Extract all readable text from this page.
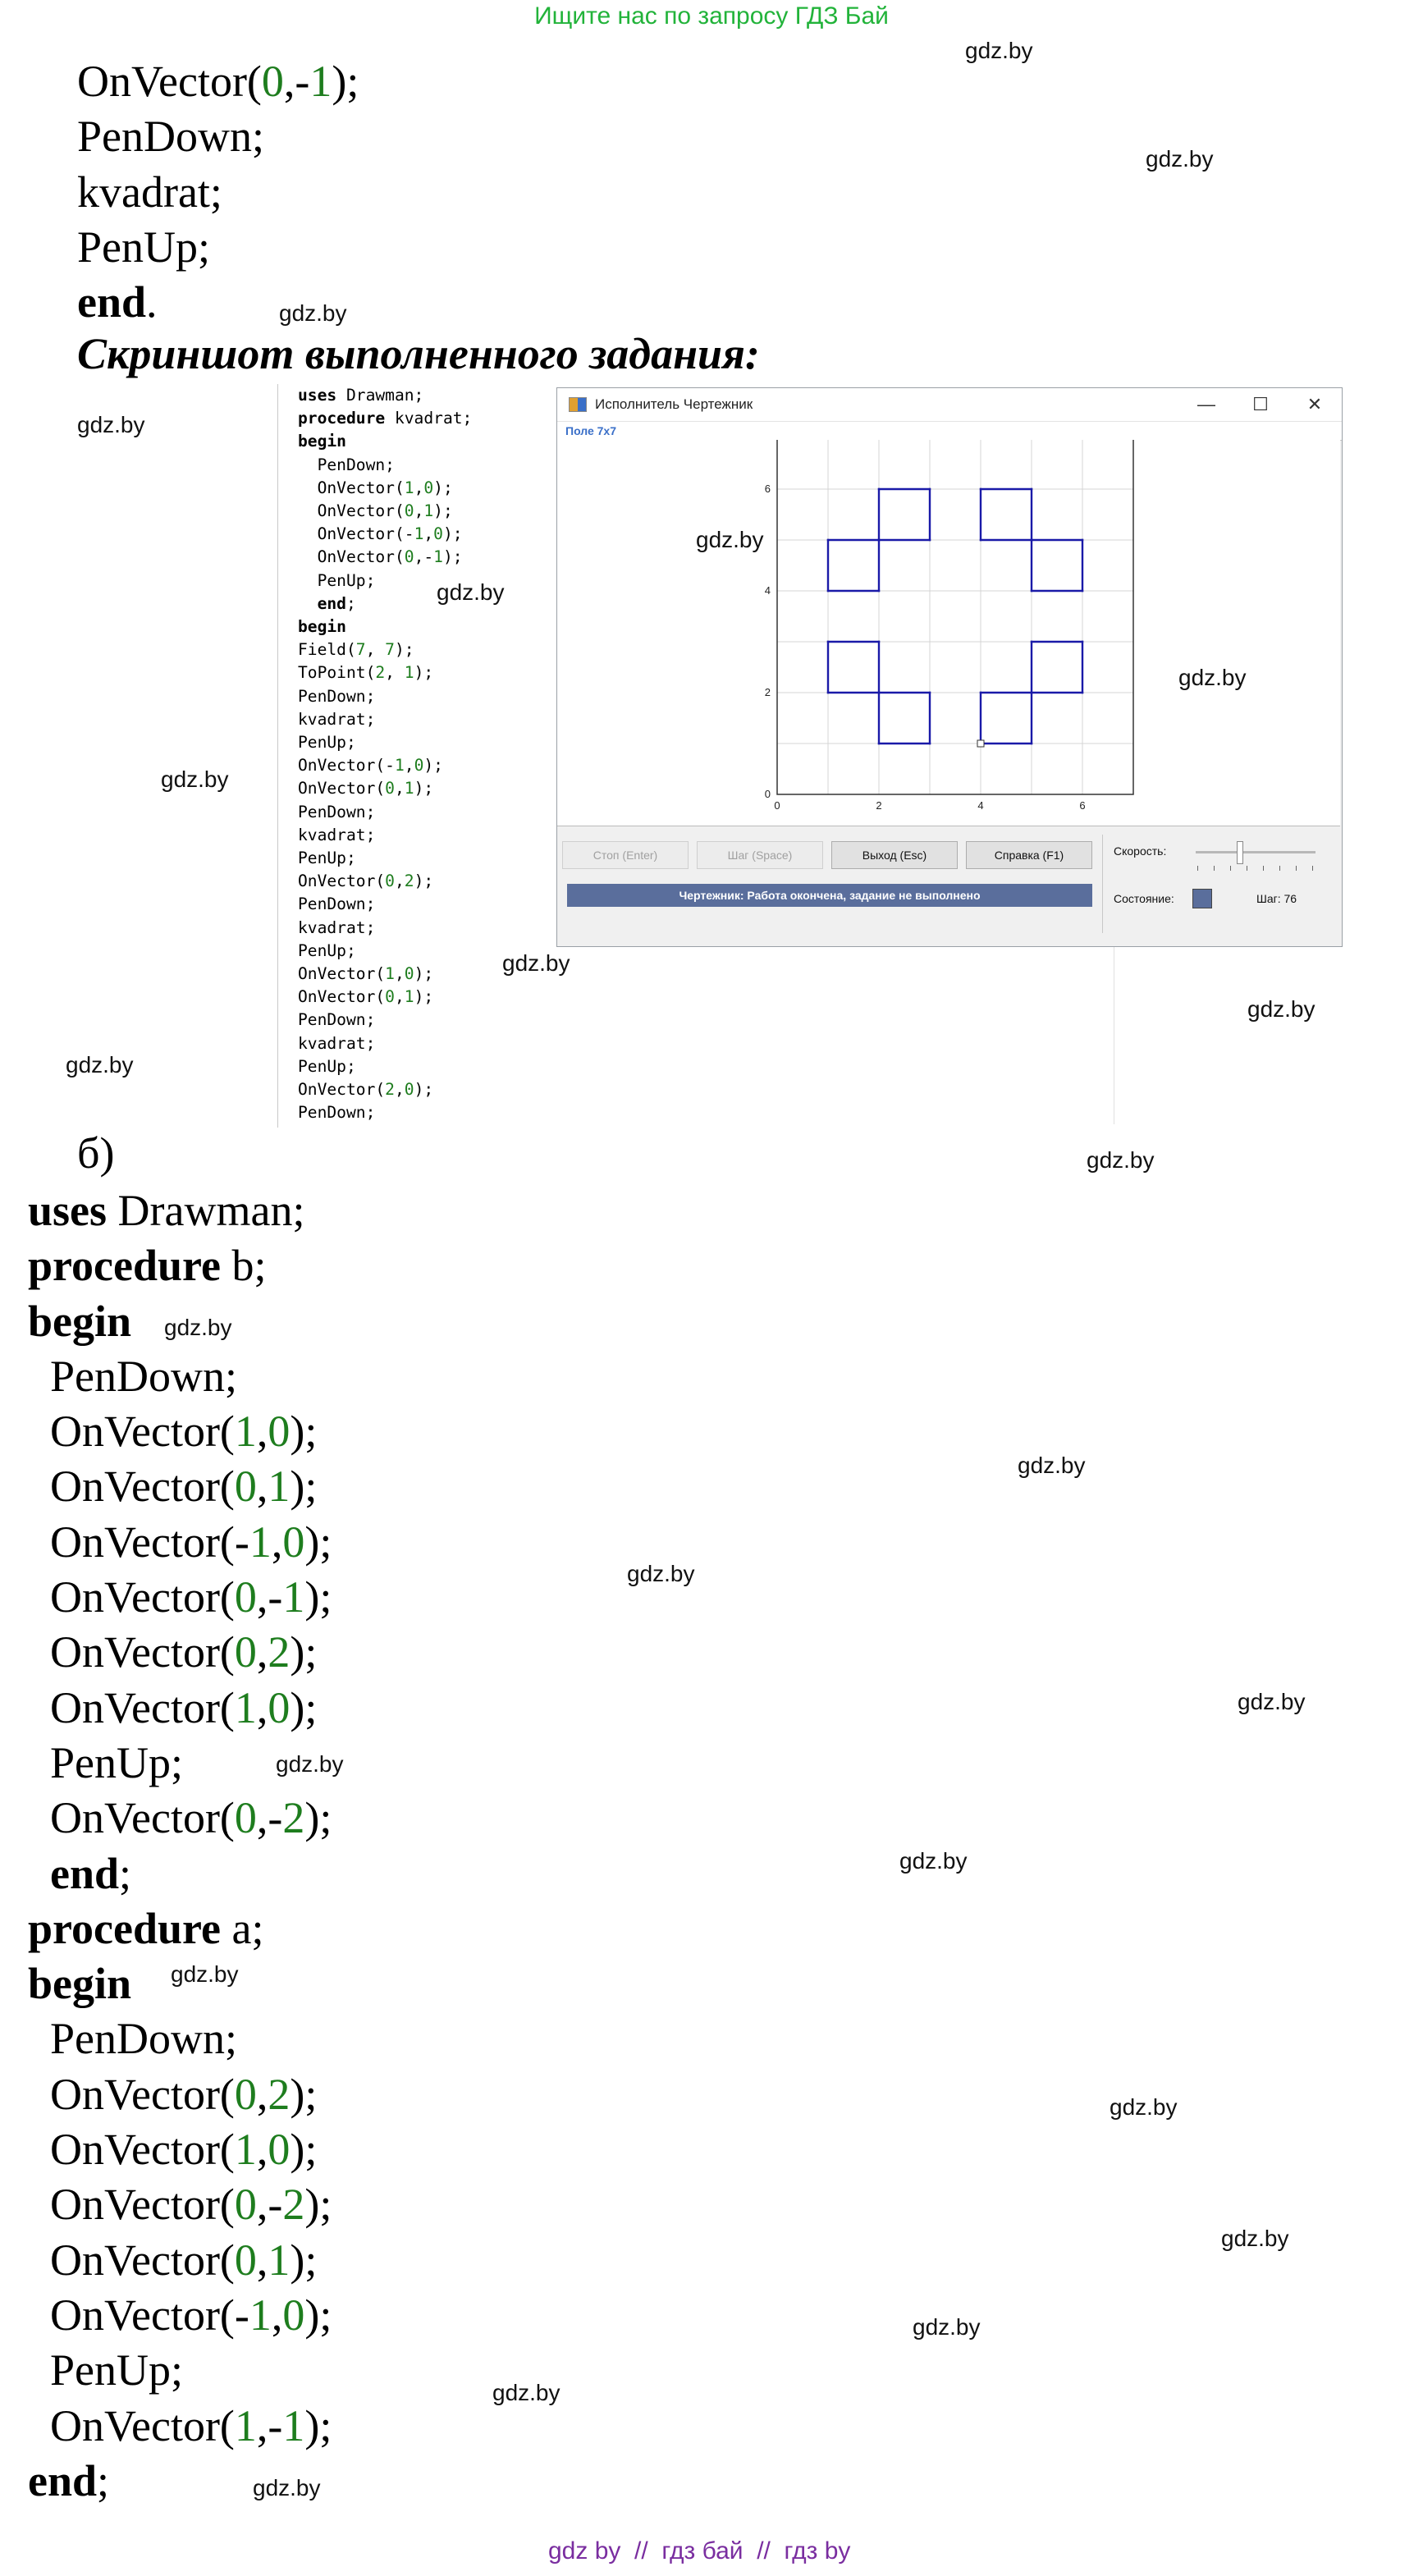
Ищите нас по запросу ГДЗ Бай
OnVector(0,-1);
PenDown;
kvadrat;
PenUp;
end.
Скриншот выполненного задания:
uses Drawman;
procedure kvadrat;
begin
PenDown;
OnVector(1,0);
OnVector(0,1);
OnVector(-1,0);
OnVector(0,-1);
PenUp;
end;
begin
Field(7, 7);
ToPoint(2, 1);
PenDown;
kvadrat;
PenUp;
OnVector(-1,0);
OnVector(0,1);
PenDown;
kvadrat;
PenUp;
OnVector(0,2);
PenDown;
kvadrat;
PenUp;
OnVector(1,0);
OnVector(0,1);
PenDown;
kvadrat;
PenUp;
OnVector(2,0);
PenDown;
Исполнитель Чертежник	—	☐	✕
Поле 7x7
0	2	4	6
0
2
4
6
Стоп (Enter)	Шаг (Space)	Выход (Esc)	Справка (F1)
Чертежник: Работа окончена, задание не выполнено
Скорость:
Состояние:	Шаг: 76
б)
uses Drawman;
procedure b;
begin
PenDown;
OnVector(1,0);
OnVector(0,1);
OnVector(-1,0);
OnVector(0,-1);
OnVector(0,2);
OnVector(1,0);
PenUp;
OnVector(0,-2);
end;
procedure a;
begin
PenDown;
OnVector(0,2);
OnVector(1,0);
OnVector(0,-2);
OnVector(0,1);
OnVector(-1,0);
PenUp;
OnVector(1,-1);
end;
gdz.by
gdz.by
gdz.by
gdz.by
gdz.by
gdz.by
gdz.by
gdz.by
gdz.by
gdz.by
gdz.by
gdz.by
gdz.by
gdz.by
gdz.by
gdz.by
gdz.by
gdz.by
gdz.by
gdz.by
gdz.by
gdz.by
gdz.by
gdz.by
gdz by  //  гдз бай  //  гдз by
